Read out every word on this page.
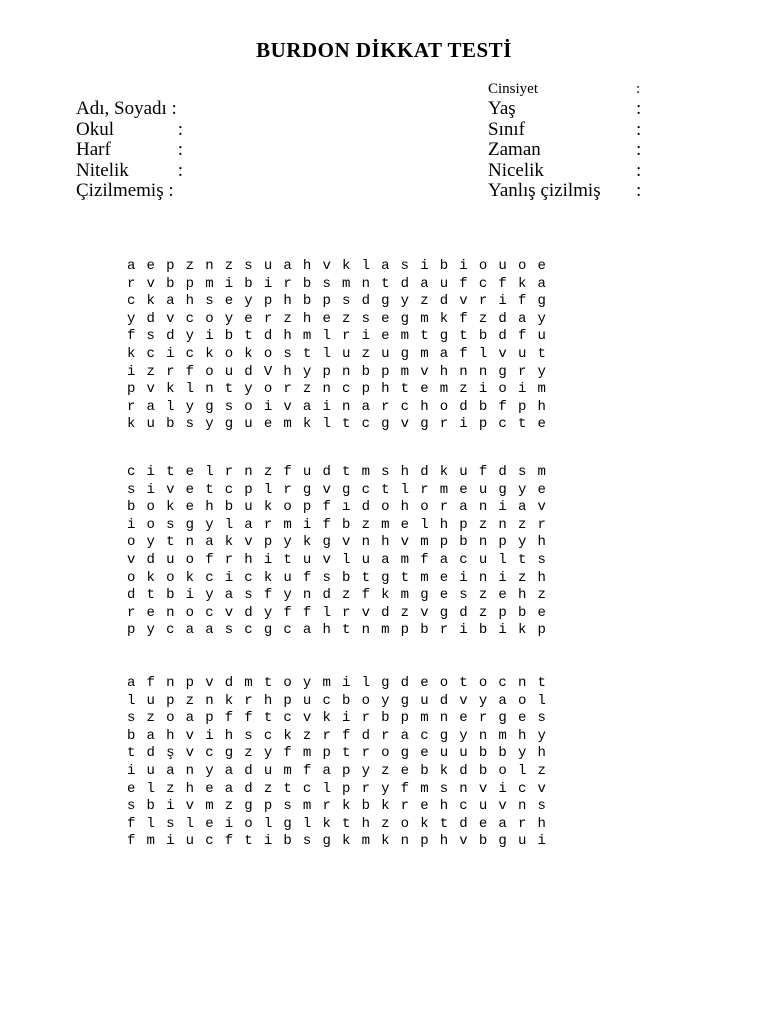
BURDON DİKKAT TESTİ
Adı, Soyadı :
Okul	:
Harf	:
Nitelik	:
Çizilmemiş :
Cinsiyet	:
Yaş	:
Sınıf	:
Zaman	:
Nicelik	:
Yanlış çizilmiş :
a e p z n z s u a h v k l a s i b i o u o e
r v b p m i b i r b s m n t d a u f c f k a
c k a h s e y p h b p s d g y z d v r i f g
y d v c o y e r z h e z s e g m k f z d a y
f s d y i b t d h m l r i e m t g t b d f u
k c i c k o k o s t l u z u g m a f l v u t
i z r f o u d V h y p n b p m v h n n g r y
p v k l n t y o r z n c p h t e m z i o i m
r a l y g s o i v a i n a r c h o d b f p h
k u b s y g u e m k l t c g v g r i p c t e
c i t e l r n z f u d t m s h d k u f d s m
s i v e t c p l r g v g c t l r m e u g y e
b o k e h b u k o p f ı d o h o r a n i a v
i o s g y l a r m i f b z m e l h p z n z r
o y t n a k v p y k g v n h v m p b n p y h
v d u o f r h i t u v l u a m f a c u l t s
o k o k c i c k u f s b t g t m e i n i z h
d t b i y a s f y n d z f k m g e s z e h z
r e n o c v d y f f l r v d z v g d z p b e
p y c a a s c g c a h t n m p b r i b i k p
a f n p v d m t o y m i l g d e o t o c n t
l u p z n k r h p u c b o y g u d v y a o l
s z o a p f f t c v k i r b p m n e r g e s
b a h v i h s c k z r f d r a c g y n m h y
t d ş v c g z y f m p t r o g e u u b b y h
i u a n y a d u m f a p y z e b k d b o l z
e l z h e a d z t c l p r y f m s n v i c v
s b i v m z g p s m r k b k r e h c u v n s
f l s l e i o l g l k t h z o k t d e a r h
f m i u c f t i b s g k m k n p h v b g u i
